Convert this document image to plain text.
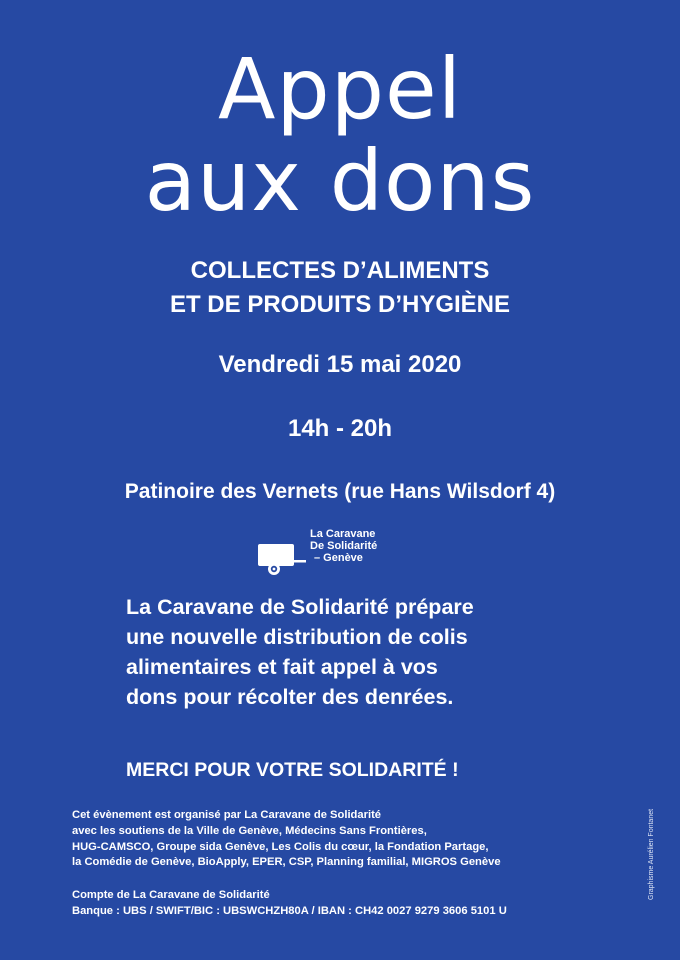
Appel
aux dons
COLLECTES D’ALIMENTS
ET DE PRODUITS D’HYGIÈNE
Vendredi 15 mai 2020
14h - 20h
Patinoire des Vernets (rue Hans Wilsdorf 4)
La Caravane
De Solidarité
– Genève
La Caravane de Solidarité prépare
une nouvelle distribution de colis
alimentaires et fait appel à vos
dons pour récolter des denrées.
MERCI POUR VOTRE SOLIDARITÉ !
Cet évènement est organisé par La Caravane de Solidarité
avec les soutiens de la Ville de Genève, Médecins Sans Frontières,
HUG-CAMSCO, Groupe sida Genève, Les Colis du cœur, la Fondation Partage,
la Comédie de Genève, BioApply, EPER, CSP, Planning familial, MIGROS Genève
Compte de La Caravane de Solidarité
Banque : UBS / SWIFT/BIC : UBSWCHZH80A / IBAN : CH42 0027 9279 3606 5101 U
Graphisme Aurélien Fontanet
